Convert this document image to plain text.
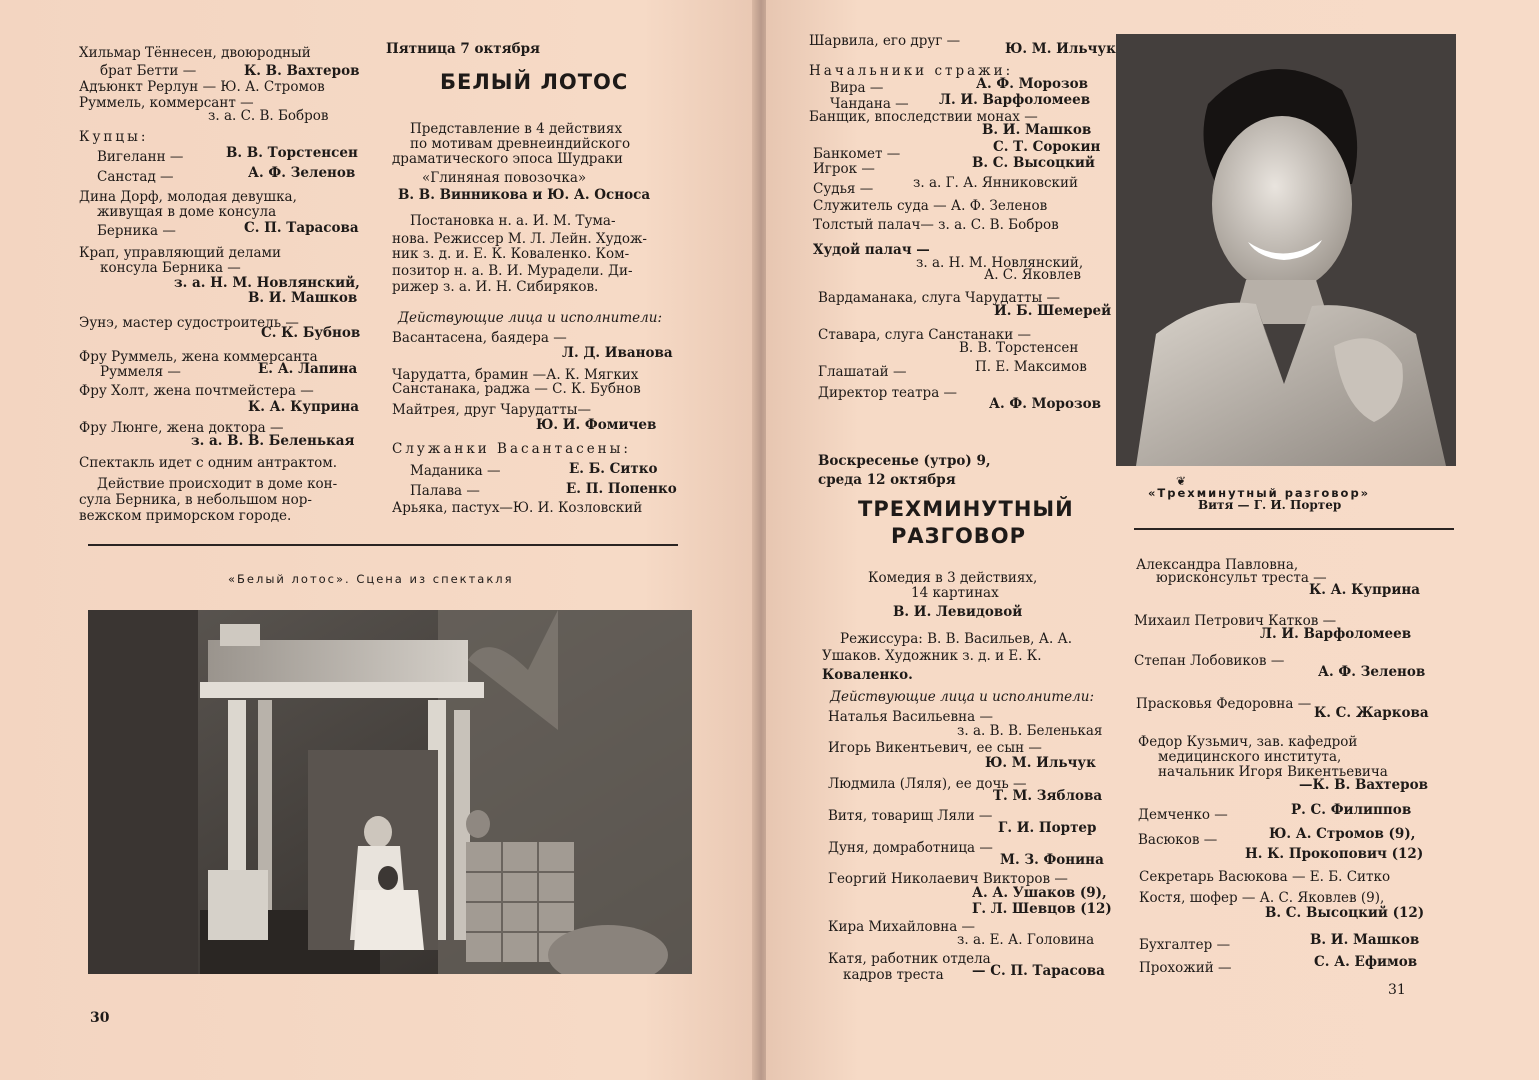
Хильмар Тённесен, двоюродный
брат Бетти —	К. В. Вахтеров
Адъюнкт Рерлун — Ю. А. Стромов
Руммель, коммерсант —
з. а. С. В. Бобров
Купцы:
Вигеланн —	В. В. Торстенсен
Санстад —	А. Ф. Зеленов
Дина Дорф, молодая девушка,
живущая в доме консула
Берника —	С. П. Тарасова
Крап, управляющий делами
консула Берника —
з. а. Н. М. Новлянский,
В. И. Машков
Эунэ, мастер судостроитель —
С. К. Бубнов
Фру Руммель, жена коммерсанта
Руммеля —	Е. А. Лапина
Фру Холт, жена почтмейстера —
К. А. Куприна
Фру Люнге, жена доктора —
з. а. В. В. Беленькая
Спектакль идет с одним антрактом.
Действие происходит в доме кон-
сула Берника, в небольшом нор-
вежском приморском городе.
Пятница 7 октября
БЕЛЫЙ ЛОТОС
Представление в 4 действиях
по мотивам древнеиндийского
драматического эпоса Шудраки
«Глиняная повозочка»
В. В. Винникова и Ю. А. Осноса
Постановка н. а. И. М. Тума-
нова. Режиссер М. Л. Лейн. Худож-
ник з. д. и. Е. К. Коваленко. Ком-
позитор н. а. В. И. Мурадели. Ди-
рижер з. а. И. Н. Сибиряков.
Действующие лица и исполнители:
Васантасена, баядера —
Л. Д. Иванова
Чарудатта, брамин —А. К. Мягких
Санстанака, раджа — С. К. Бубнов
Майтрея, друг Чарудатты—
Ю. И. Фомичев
Служанки Васантасены:
Маданика —	Е. Б. Ситко
Палава —	Е. П. Попенко
Арьяка, пастух—Ю. И. Козловский
«Белый лотос». Сцена из спектакля
30
Шарвила, его друг —	Ю. М. Ильчук
Начальники стражи:
Вира —	А. Ф. Морозов
Чандана — Л. И. Варфоломеев
Банщик, впоследствии монах —
В. И. Машков
Банкомет —	С. Т. Сорокин
Игрок —	В. С. Высоцкий
Судья —	з. а. Г. А. Янниковский
Служитель суда — А. Ф. Зеленов
Толстый палач— з. а. С. В. Бобров
Худой палач —
з. а. Н. М. Новлянский,
А. С. Яковлев
Вардаманака, слуга Чарудатты —
И. Б. Шемерей
Ставара, слуга Санстанаки —
В. В. Торстенсен
Глашатай —	П. Е. Максимов
Директор театра —
А. Ф. Морозов
Воскресенье (утро) 9,
среда 12 октября
ТРЕХМИНУТНЫЙ
РАЗГОВОР
Комедия в 3 действиях,
14 картинах
В. И. Левидовой
Режиссура: В. В. Васильев, А. А.
Ушаков. Художник з. д. и Е. К.
Коваленко.
Действующие лица и исполнители:
Наталья Васильевна —
з. а. В. В. Беленькая
Игорь Викентьевич, ее сын —
Ю. М. Ильчук
Людмила (Ляля), ее дочь —
Т. М. Зяблова
Витя, товарищ Ляли —
Г. И. Портер
Дуня, домработница —
М. З. Фонина
Георгий Николаевич Викторов —
А. А. Ушаков (9),
Г. Л. Шевцов (12)
Кира Михайловна —
з. а. Е. А. Головина
Катя, работник отдела
кадров треста — С. П. Тарасова
❦
«Трехминутный разговор»
Витя — Г. И. Портер
Александра Павловна,
юрисконсульт треста —
К. А. Куприна
Михаил Петрович Катков —
Л. И. Варфоломеев
Степан Лобовиков —
А. Ф. Зеленов
Прасковья Федоровна —
К. С. Жаркова
Федор Кузьмич, зав. кафедрой
медицинского института,
начальник Игоря Викентьевича
—К. В. Вахтеров
Демченко —	Р. С. Филиппов
Васюков —	Ю. А. Стромов (9),
Н. К. Прокопович (12)
Секретарь Васюкова — Е. Б. Ситко
Костя, шофер — А. С. Яковлев (9),
В. С. Высоцкий (12)
Бухгалтер —	В. И. Машков
Прохожий —	С. А. Ефимов
31
